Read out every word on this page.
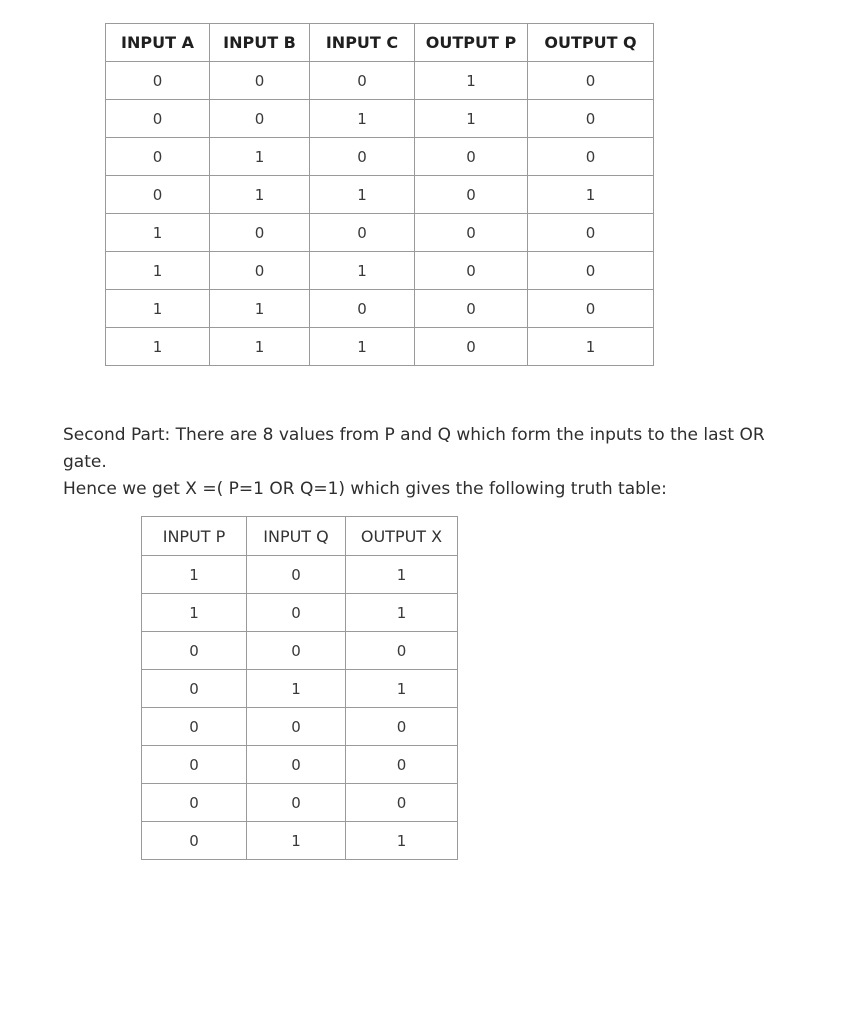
INPUT A	INPUT B	INPUT C	OUTPUT P	OUTPUT Q
0	0	0	1	0
0	0	1	1	0
0	1	0	0	0
0	1	1	0	1
1	0	0	0	0
1	0	1	0	0
1	1	0	0	0
1	1	1	0	1

Second Part: There are 8 values from P and Q which form the inputs to the last OR gate.

Hence we get X =( P=1 OR Q=1) which gives the following truth table:

INPUT P	INPUT Q	OUTPUT X
1	0	1
1	0	1
0	0	0
0	1	1
0	0	0
0	0	0
0	0	0
0	1	1
